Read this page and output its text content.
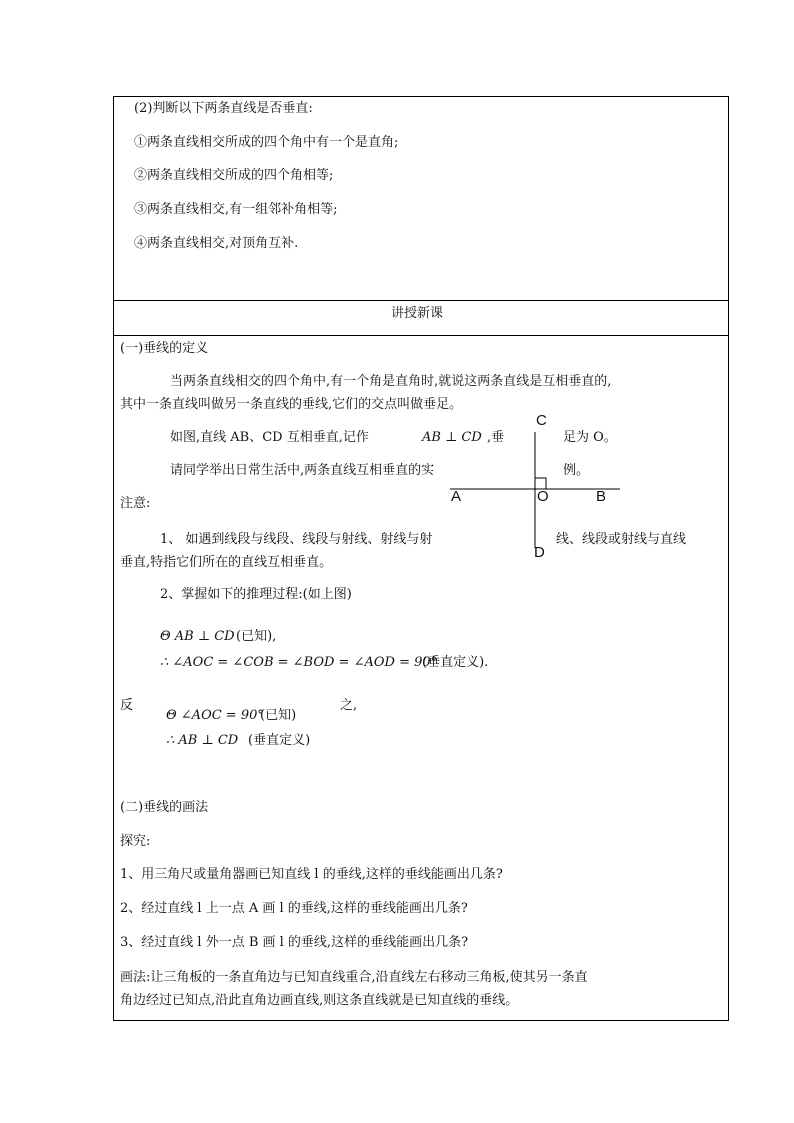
(2)判断以下两条直线是否垂直:
①两条直线相交所成的四个角中有一个是直角;
②两条直线相交所成的四个角相等;
③两条直线相交,有一组邻补角相等;
④两条直线相交,对顶角互补.
讲授新课
(一)垂线的定义
当两条直线相交的四个角中,有一个角是直角时,就说这两条直线是互相垂直的,
其中一条直线叫做另一条直线的垂线,它们的交点叫做垂足。
如图,直线 AB、CD 互相垂直,记作	AB ⊥ CD ,垂	足为 O。
请同学举出日常生活中,两条直线互相垂直的实	例。
注意:
1、 如遇到线段与线段、线段与射线、射线与射	线、线段或射线与直线
垂直,特指它们所在的直线互相垂直。
2、掌握如下的推理过程:(如上图)
C
A	O	B
D
Θ AB ⊥ CD (已知),
∴ ∠AOC = ∠COB = ∠BOD = ∠AOD = 90°
(垂直定义).
反	之,
Θ ∠AOC = 90°
(已知)
∴ AB ⊥ CD (垂直定义)
(二)垂线的画法
探究:
1、用三角尺或量角器画已知直线 l 的垂线,这样的垂线能画出几条?
2、经过直线 l 上一点 A 画 l 的垂线,这样的垂线能画出几条?
3、经过直线 l 外一点 B 画 l 的垂线,这样的垂线能画出几条?
画法:让三角板的一条直角边与已知直线重合,沿直线左右移动三角板,使其另一条直
角边经过已知点,沿此直角边画直线,则这条直线就是已知直线的垂线。
